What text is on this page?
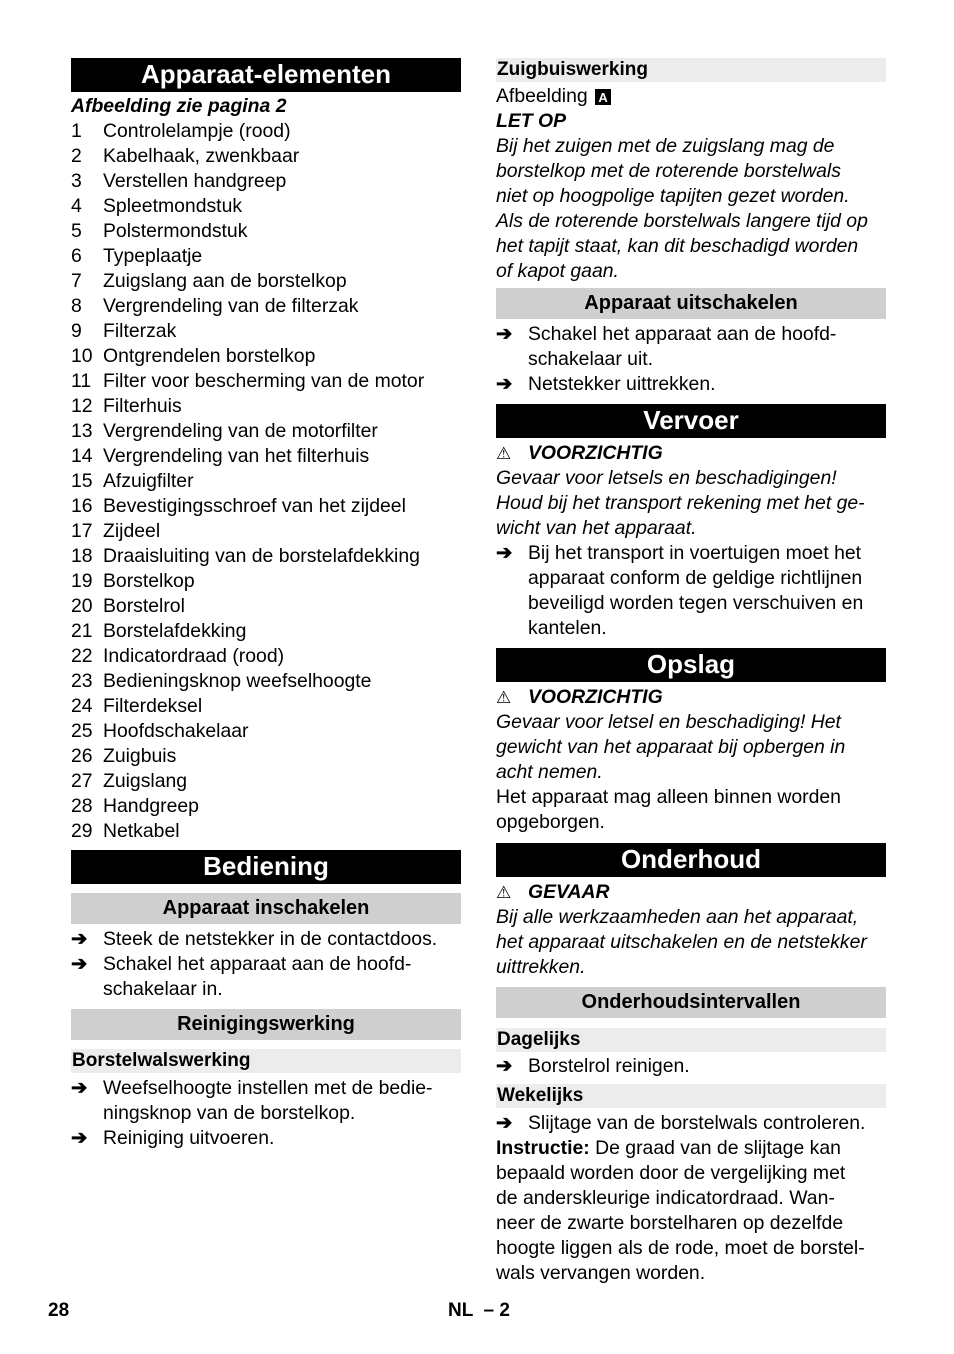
Apparaat-elementen

Afbeelding zie pagina 2

1	Controlelampje (rood)
2	Kabelhaak, zwenkbaar
3	Verstellen handgreep
4	Spleetmondstuk
5	Polstermondstuk
6	Typeplaatje
7	Zuigslang aan de borstelkop
8	Vergrendeling van de filterzak
9	Filterzak
10 Ontgrendelen borstelkop
11 Filter voor bescherming van de motor
12 Filterhuis
13 Vergrendeling van de motorfilter
14 Vergrendeling van het filterhuis
15 Afzuigfilter
16 Bevestigingsschroef van het zijdeel
17 Zijdeel
18 Draaisluiting van de borstelafdekking
19 Borstelkop
20 Borstelrol
21 Borstelafdekking
22 Indicatordraad (rood)
23 Bedieningsknop weefselhoogte
24 Filterdeksel
25 Hoofdschakelaar
26 Zuigbuis
27 Zuigslang
28 Handgreep
29 Netkabel
Bediening
Apparaat inschakelen
➔ Steek de netstekker in de contactdoos.
➔ Schakel het apparaat aan de hoofd-
schakelaar in.
Reinigingswerking
Borstelwalswerking
➔ Weefselhoogte instellen met de bedie-
ningsknop van de borstelkop.
➔ Reiniging uitvoeren.
Zuigbuiswerking

Afbeelding A

LET OP

Bij het zuigen met de zuigslang mag de
borstelkop met de roterende borstelwals
niet op hoogpolige tapijten gezet worden.
Als de roterende borstelwals langere tijd op
het tapijt staat, kan dit beschadigd worden
of kapot gaan.

Apparaat uitschakelen
➔ Schakel het apparaat aan de hoofd-
schakelaar uit.
➔ Netstekker uittrekken.
Vervoer
⚠ VOORZICHTIG

Gevaar voor letsels en beschadigingen!
Houd bij het transport rekening met het ge-
wicht van het apparaat.

➔ Bij het transport in voertuigen moet het
apparaat conform de geldige richtlijnen
beveiligd worden tegen verschuiven en
kantelen.
Opslag
⚠ VOORZICHTIG

Gevaar voor letsel en beschadiging! Het
gewicht van het apparaat bij opbergen in
acht nemen.

Het apparaat mag alleen binnen worden
opgeborgen.

Onderhoud
⚠ GEVAAR

Bij alle werkzaamheden aan het apparaat,
het apparaat uitschakelen en de netstekker
uittrekken.

Onderhoudsintervallen
Dagelijks
➔ Borstelrol reinigen.
Wekelijks
➔ Slijtage van de borstelwals controleren.

Instructie: De graad van de slijtage kan
bepaald worden door de vergelijking met
de anderskleurige indicatordraad. Wan-
neer de zwarte borstelharen op dezelfde
hoogte liggen als de rode, moet de borstel-
wals vervangen worden.

28	NL  – 2
